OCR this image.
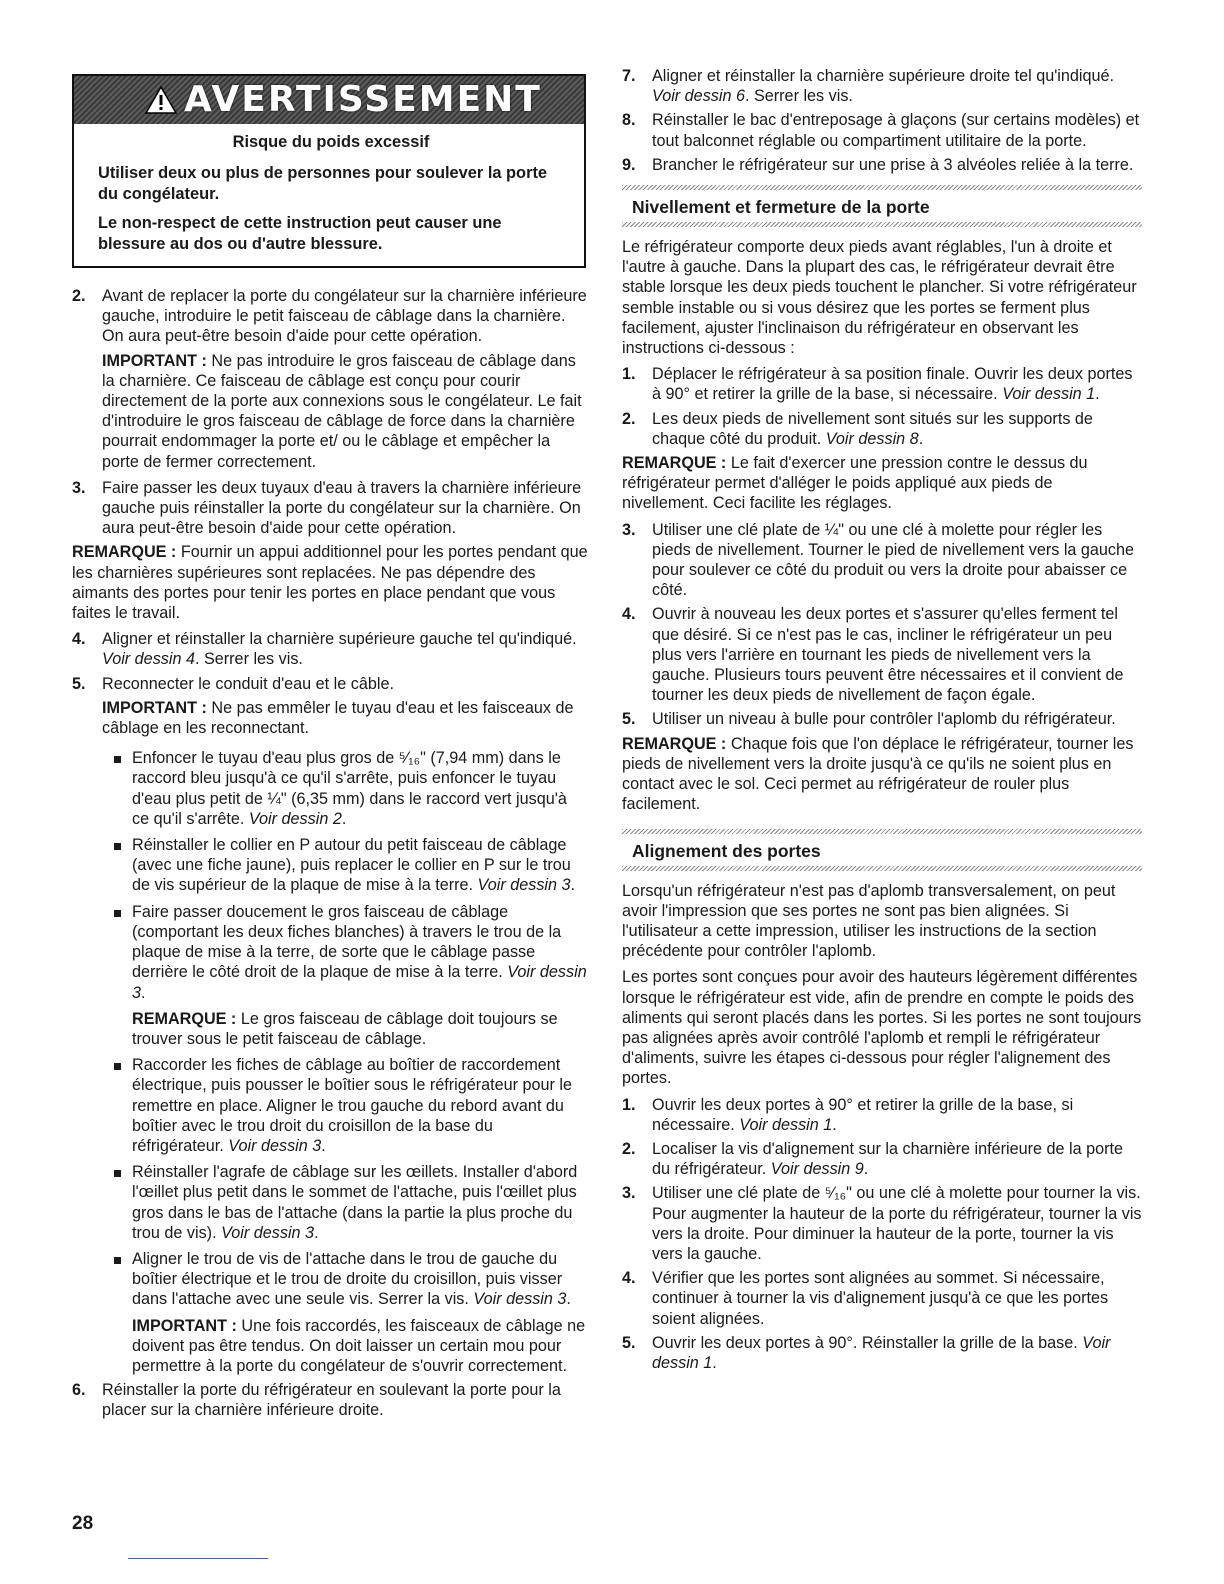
AVERTISSEMENT

Risque du poids excessif

Utiliser deux ou plus de personnes pour soulever la porte du congélateur.

Le non-respect de cette instruction peut causer une blessure au dos ou d'autre blessure.

2.	Avant de replacer la porte du congélateur sur la charnière inférieure gauche, introduire le petit faisceau de câblage dans la charnière. On aura peut-être besoin d'aide pour cette opération.
IMPORTANT : Ne pas introduire le gros faisceau de câblage dans la charnière. Ce faisceau de câblage est conçu pour courir directement de la porte aux connexions sous le congélateur. Le fait d'introduire le gros faisceau de câblage de force dans la charnière pourrait endommager la porte et/ ou le câblage et empêcher la porte de fermer correctement.
3.	Faire passer les deux tuyaux d'eau à travers la charnière inférieure gauche puis réinstaller la porte du congélateur sur la charnière. On aura peut-être besoin d'aide pour cette opération.
REMARQUE : Fournir un appui additionnel pour les portes pendant que les charnières supérieures sont replacées. Ne pas dépendre des aimants des portes pour tenir les portes en place pendant que vous faites le travail.
4.	Aligner et réinstaller la charnière supérieure gauche tel qu'indiqué. Voir dessin 4. Serrer les vis.
5.	Reconnecter le conduit d'eau et le câble.
IMPORTANT : Ne pas emmêler le tuyau d'eau et les faisceaux de câblage en les reconnectant.
Enfoncer le tuyau d'eau plus gros de ⁵⁄₁₆" (7,94 mm) dans le raccord bleu jusqu'à ce qu'il s'arrête, puis enfoncer le tuyau d'eau plus petit de ¼" (6,35 mm) dans le raccord vert jusqu'à ce qu'il s'arrête. Voir dessin 2.
Réinstaller le collier en P autour du petit faisceau de câblage (avec une fiche jaune), puis replacer le collier en P sur le trou de vis supérieur de la plaque de mise à la terre. Voir dessin 3.
Faire passer doucement le gros faisceau de câblage (comportant les deux fiches blanches) à travers le trou de la plaque de mise à la terre, de sorte que le câblage passe derrière le côté droit de la plaque de mise à la terre. Voir dessin 3.
REMARQUE : Le gros faisceau de câblage doit toujours se trouver sous le petit faisceau de câblage.
Raccorder les fiches de câblage au boîtier de raccordement électrique, puis pousser le boîtier sous le réfrigérateur pour le remettre en place. Aligner le trou gauche du rebord avant du boîtier avec le trou droit du croisillon de la base du réfrigérateur. Voir dessin 3.
Réinstaller l'agrafe de câblage sur les œillets. Installer d'abord l'œillet plus petit dans le sommet de l'attache, puis l'œillet plus gros dans le bas de l'attache (dans la partie la plus proche du trou de vis). Voir dessin 3.
Aligner le trou de vis de l'attache dans le trou de gauche du boîtier électrique et le trou de droite du croisillon, puis visser dans l'attache avec une seule vis. Serrer la vis. Voir dessin 3.
IMPORTANT : Une fois raccordés, les faisceaux de câblage ne doivent pas être tendus. On doit laisser un certain mou pour permettre à la porte du congélateur de s'ouvrir correctement.
6.	Réinstaller la porte du réfrigérateur en soulevant la porte pour la placer sur la charnière inférieure droite.
7.	Aligner et réinstaller la charnière supérieure droite tel qu'indiqué. Voir dessin 6. Serrer les vis.
8.	Réinstaller le bac d'entreposage à glaçons (sur certains modèles) et tout balconnet réglable ou compartiment utilitaire de la porte.
9.	Brancher le réfrigérateur sur une prise à 3 alvéoles reliée à la terre.
Nivellement et fermeture de la porte
Le réfrigérateur comporte deux pieds avant réglables, l'un à droite et l'autre à gauche. Dans la plupart des cas, le réfrigérateur devrait être stable lorsque les deux pieds touchent le plancher. Si votre réfrigérateur semble instable ou si vous désirez que les portes se ferment plus facilement, ajuster l'inclinaison du réfrigérateur en observant les instructions ci-dessous :
1.	Déplacer le réfrigérateur à sa position finale. Ouvrir les deux portes à 90° et retirer la grille de la base, si nécessaire. Voir dessin 1.
2.	Les deux pieds de nivellement sont situés sur les supports de chaque côté du produit. Voir dessin 8.
REMARQUE : Le fait d'exercer une pression contre le dessus du réfrigérateur permet d'alléger le poids appliqué aux pieds de nivellement. Ceci facilite les réglages.
3.	Utiliser une clé plate de ¼" ou une clé à molette pour régler les pieds de nivellement. Tourner le pied de nivellement vers la gauche pour soulever ce côté du produit ou vers la droite pour abaisser ce côté.
4.	Ouvrir à nouveau les deux portes et s'assurer qu'elles ferment tel que désiré. Si ce n'est pas le cas, incliner le réfrigérateur un peu plus vers l'arrière en tournant les pieds de nivellement vers la gauche. Plusieurs tours peuvent être nécessaires et il convient de tourner les deux pieds de nivellement de façon égale.
5.	Utiliser un niveau à bulle pour contrôler l'aplomb du réfrigérateur.
REMARQUE : Chaque fois que l'on déplace le réfrigérateur, tourner les pieds de nivellement vers la droite jusqu'à ce qu'ils ne soient plus en contact avec le sol. Ceci permet au réfrigérateur de rouler plus facilement.
Alignement des portes
Lorsqu'un réfrigérateur n'est pas d'aplomb transversalement, on peut avoir l'impression que ses portes ne sont pas bien alignées. Si l'utilisateur a cette impression, utiliser les instructions de la section précédente pour contrôler l'aplomb.
Les portes sont conçues pour avoir des hauteurs légèrement différentes lorsque le réfrigérateur est vide, afin de prendre en compte le poids des aliments qui seront placés dans les portes. Si les portes ne sont toujours pas alignées après avoir contrôlé l'aplomb et rempli le réfrigérateur d'aliments, suivre les étapes ci-dessous pour régler l'alignement des portes.
1.	Ouvrir les deux portes à 90° et retirer la grille de la base, si nécessaire. Voir dessin 1.
2.	Localiser la vis d'alignement sur la charnière inférieure de la porte du réfrigérateur. Voir dessin 9.
3.	Utiliser une clé plate de ⁵⁄₁₆" ou une clé à molette pour tourner la vis. Pour augmenter la hauteur de la porte du réfrigérateur, tourner la vis vers la droite. Pour diminuer la hauteur de la porte, tourner la vis vers la gauche.
4.	Vérifier que les portes sont alignées au sommet. Si nécessaire, continuer à tourner la vis d'alignement jusqu'à ce que les portes soient alignées.
5.	Ouvrir les deux portes à 90°. Réinstaller la grille de la base. Voir dessin 1.
28
